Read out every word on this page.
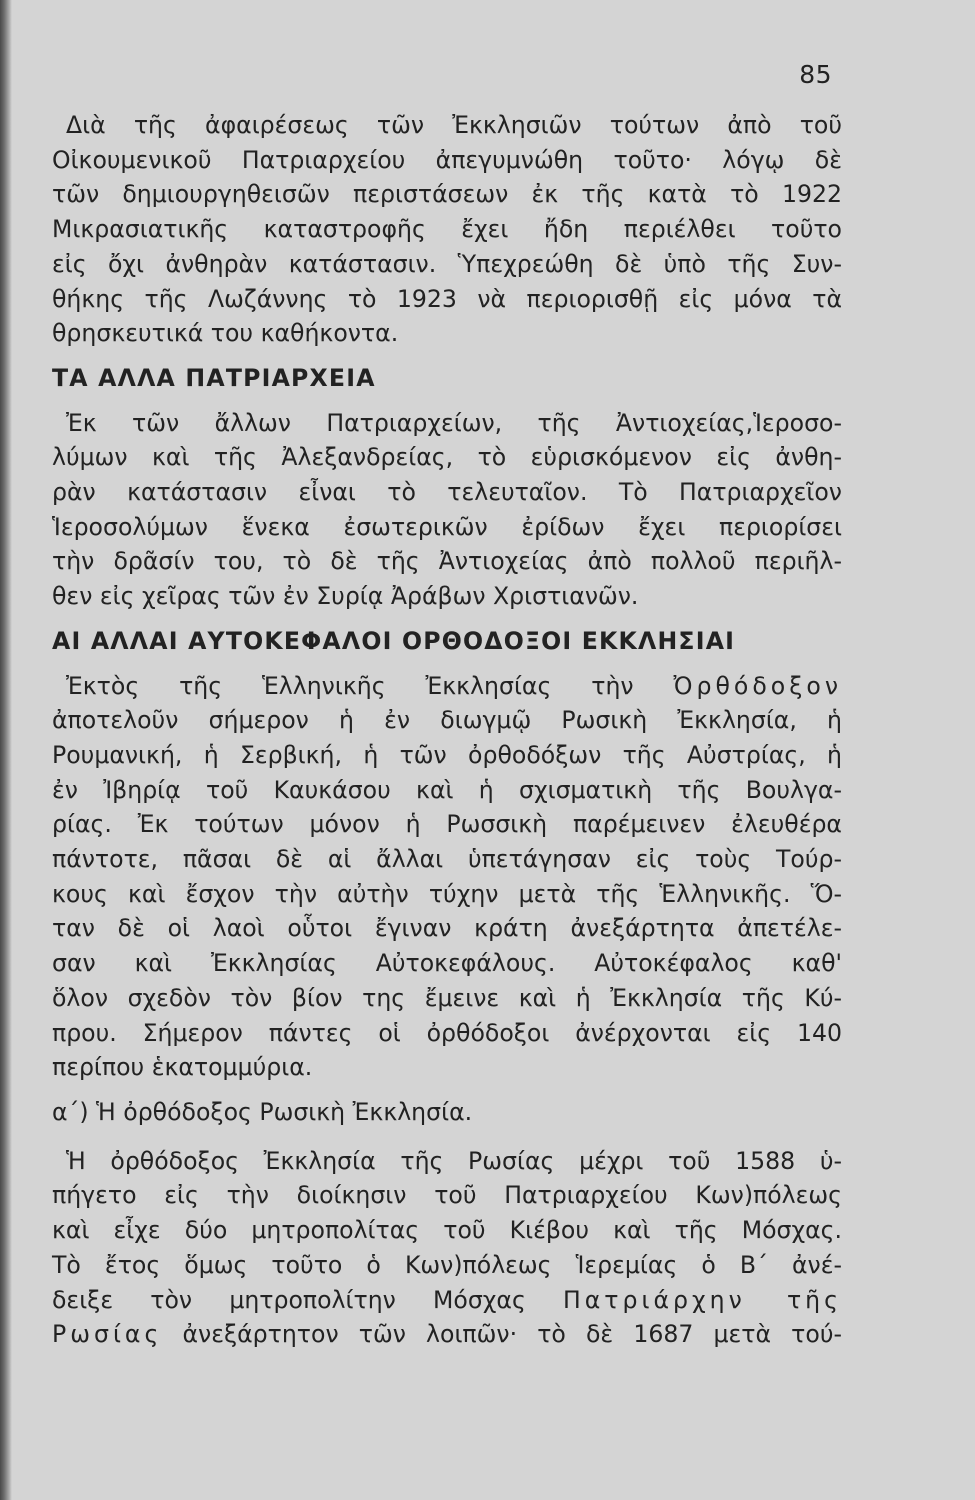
85

Διὰ τῆς ἀφαιρέσεως τῶν Ἐκκλησιῶν τούτων ἀπὸ τοῦ

Οἰκουμενικοῦ Πατριαρχείου ἀπεγυμνώθη τοῦτο· λόγῳ δὲ

τῶν δημιουργηθεισῶν περιστάσεων ἐκ τῆς κατὰ τὸ 1922

Μικρασιατικῆς καταστροφῆς ἔχει ἤδη περιέλθει τοῦτο

εἰς ὄχι ἀνθηρὰν κατάστασιν. Ὑπεχρεώθη δὲ ὑπὸ τῆς Συν-

θήκης τῆς Λωζάννης τὸ 1923 νὰ περιορισθῇ εἰς μόνα τὰ

θρησκευτικά του καθήκοντα.

ΤΑ ΑΛΛΑ ΠΑΤΡΙΑΡΧΕΙΑ

Ἐκ τῶν ἄλλων Πατριαρχείων, τῆς Ἀντιοχείας,Ἱεροσο-

λύμων καὶ τῆς Ἀλεξανδρείας, τὸ εὑρισκόμενον εἰς ἀνθη-

ρὰν κατάστασιν εἶναι τὸ τελευταῖον. Τὸ Πατριαρχεῖον

Ἱεροσολύμων ἕνεκα ἐσωτερικῶν ἐρίδων ἔχει περιορίσει

τὴν δρᾶσίν του, τὸ δὲ τῆς Ἀντιοχείας ἀπὸ πολλοῦ περιῆλ-

θεν εἰς χεῖρας τῶν ἐν Συρίᾳ Ἀράβων Χριστιανῶν.

ΑΙ ΑΛΛΑΙ ΑΥΤΟΚΕΦΑΛΟΙ ΟΡΘΟΔΟΞΟΙ ΕΚΚΛΗΣΙΑΙ

Ἐκτὸς τῆς Ἑλληνικῆς Ἐκκλησίας τὴν Ὀρθόδοξον

ἀποτελοῦν σήμερον ἡ ἐν διωγμῷ Ρωσικὴ Ἐκκλησία, ἡ

Ρουμανική, ἡ Σερβική, ἡ τῶν ὀρθοδόξων τῆς Αὐστρίας, ἡ

ἐν Ἰβηρίᾳ τοῦ Καυκάσου καὶ ἡ σχισματικὴ τῆς Βουλγα-

ρίας. Ἐκ τούτων μόνον ἡ Ρωσσικὴ παρέμεινεν ἐλευθέρα

πάντοτε, πᾶσαι δὲ αἱ ἄλλαι ὑπετάγησαν εἰς τοὺς Τούρ-

κους καὶ ἔσχον τὴν αὐτὴν τύχην μετὰ τῆς Ἑλληνικῆς. Ὅ-

ταν δὲ οἱ λαοὶ οὗτοι ἔγιναν κράτη ἀνεξάρτητα ἀπετέλε-

σαν καὶ Ἐκκλησίας Αὐτοκεφάλους. Αὐτοκέφαλος καθ'

ὅλον σχεδὸν τὸν βίον της ἔμεινε καὶ ἡ Ἐκκλησία τῆς Κύ-

πρου. Σήμερον πάντες οἱ ὀρθόδοξοι ἀνέρχονται εἰς 140

περίπου ἑκατομμύρια.

α΄) Ἡ ὀρθόδοξος Ρωσικὴ Ἐκκλησία.

Ἡ ὀρθόδοξος Ἐκκλησία τῆς Ρωσίας μέχρι τοῦ 1588 ὑ-

πήγετο εἰς τὴν διοίκησιν τοῦ Πατριαρχείου Κων)πόλεως

καὶ εἶχε δύο μητροπολίτας τοῦ Κιέβου καὶ τῆς Μόσχας.

Τὸ ἔτος ὅμως τοῦτο ὁ Κων)πόλεως Ἱερεμίας ὁ Β΄ ἀνέ-

δειξε τὸν μητροπολίτην Μόσχας Πατριάρχην τῆς

Ρωσίας ἀνεξάρτητον τῶν λοιπῶν· τὸ δὲ 1687 μετὰ τού-
